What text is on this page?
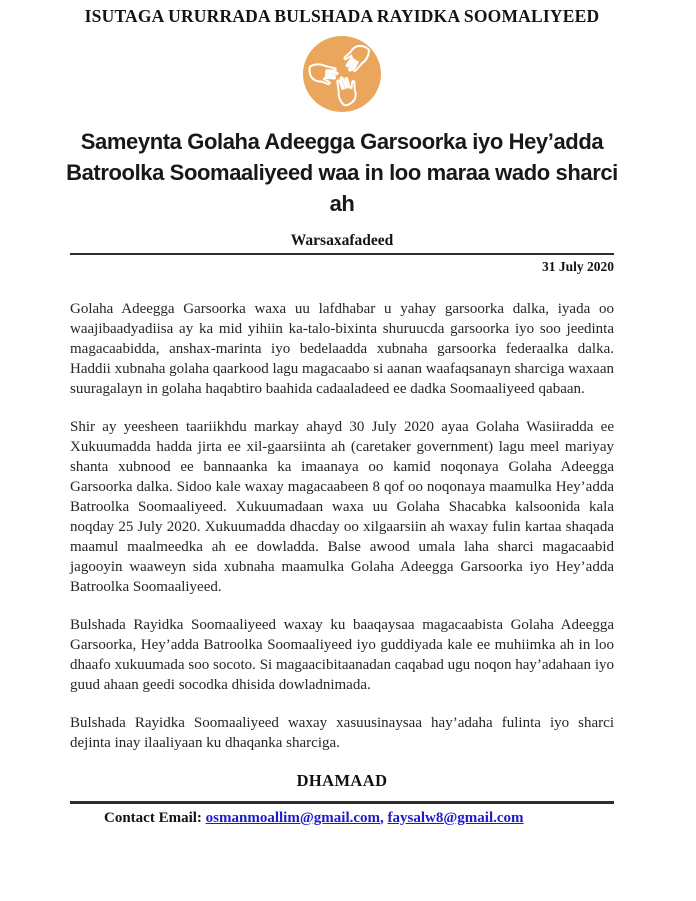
ISUTAGA URURRADA BULSHADA RAYIDKA SOOMALIYEED
Sameynta Golaha Adeegga Garsoorka iyo Hey’adda Batroolka Soomaaliyeed waa in loo maraa wado sharci ah
Warsaxafadeed
31 July 2020

Golaha Adeegga Garsoorka waxa uu lafdhabar u yahay garsoorka dalka, iyada oo waajibaadyadiisa ay ka mid yihiin ka-talo-bixinta shuruucda garsoorka iyo soo jeedinta magacaabidda, anshax-marinta iyo bedelaadda xubnaha garsoorka federaalka dalka. Haddii xubnaha golaha qaarkood lagu magacaabo si aanan waafaqsanayn sharciga waxaan suuragalayn in golaha haqabtiro baahida cadaaladeed ee dadka Soomaaliyeed qabaan.

Shir ay yeesheen taariikhdu markay ahayd 30 July 2020 ayaa Golaha Wasiiradda ee Xukuumadda hadda jirta ee xil-gaarsiinta ah (caretaker government) lagu meel mariyay shanta xubnood ee bannaanka ka imaanaya oo kamid noqonaya Golaha Adeegga Garsoorka dalka. Sidoo kale waxay magacaabeen 8 qof oo noqonaya maamulka Hey’adda Batroolka Soomaaliyeed. Xukuumadaan waxa uu Golaha Shacabka kalsoonida kala noqday 25 July 2020. Xukuumadda dhacday oo xilgaarsiin ah waxay fulin kartaa shaqada maamul maalmeedka ah ee dowladda. Balse awood umala laha sharci magacaabid jagooyin waaweyn sida xubnaha maamulka Golaha Adeegga Garsoorka iyo Hey’adda Batroolka Soomaaliyeed.

Bulshada Rayidka Soomaaliyeed waxay ku baaqaysaa magacaabista Golaha Adeegga Garsoorka, Hey’adda Batroolka Soomaaliyeed iyo guddiyada kale ee muhiimka ah in loo dhaafo xukuumada soo socoto. Si magaacibitaanadan caqabad ugu noqon hay’adahaan iyo guud ahaan geedi socodka dhisida dowladnimada.

Bulshada Rayidka Soomaaliyeed waxay xasuusinaysaa hay’adaha fulinta iyo sharci dejinta inay ilaaliyaan ku dhaqanka sharciga.

DHAMAAD
Contact Email: osmanmoallim@gmail.com, faysalw8@gmail.com
